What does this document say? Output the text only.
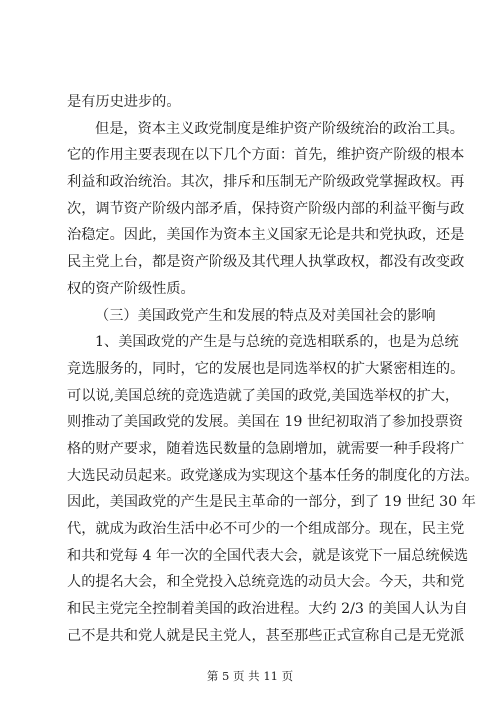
是有历史进步的。
但是，资本主义政党制度是维护资产阶级统治的政治工具。
它的作用主要表现在以下几个方面：首先，维护资产阶级的根本
利益和政治统治。其次，排斥和压制无产阶级政党掌握政权。再
次，调节资产阶级内部矛盾，保持资产阶级内部的利益平衡与政
治稳定。因此，美国作为资本主义国家无论是共和党执政，还是
民主党上台，都是资产阶级及其代理人执掌政权，都没有改变政
权的资产阶级性质。
（三）美国政党产生和发展的特点及对美国社会的影响
1、美国政党的产生是与总统的竞选相联系的，也是为总统
竞选服务的，同时，它的发展也是同选举权的扩大紧密相连的。
可以说,美国总统的竞选造就了美国的政党,美国选举权的扩大，
则推动了美国政党的发展。美国在 19 世纪初取消了参加投票资
格的财产要求，随着选民数量的急剧增加，就需要一种手段将广
大选民动员起来。政党遂成为实现这个基本任务的制度化的方法。
因此，美国政党的产生是民主革命的一部分，到了 19 世纪 30 年
代，就成为政治生活中必不可少的一个组成部分。现在，民主党
和共和党每 4 年一次的全国代表大会，就是该党下一届总统候选
人的提名大会，和全党投入总统竞选的动员大会。今天，共和党
和民主党完全控制着美国的政治进程。大约 2/3 的美国人认为自
己不是共和党人就是民主党人，甚至那些正式宣称自己是无党派
第 5 页 共 11 页
